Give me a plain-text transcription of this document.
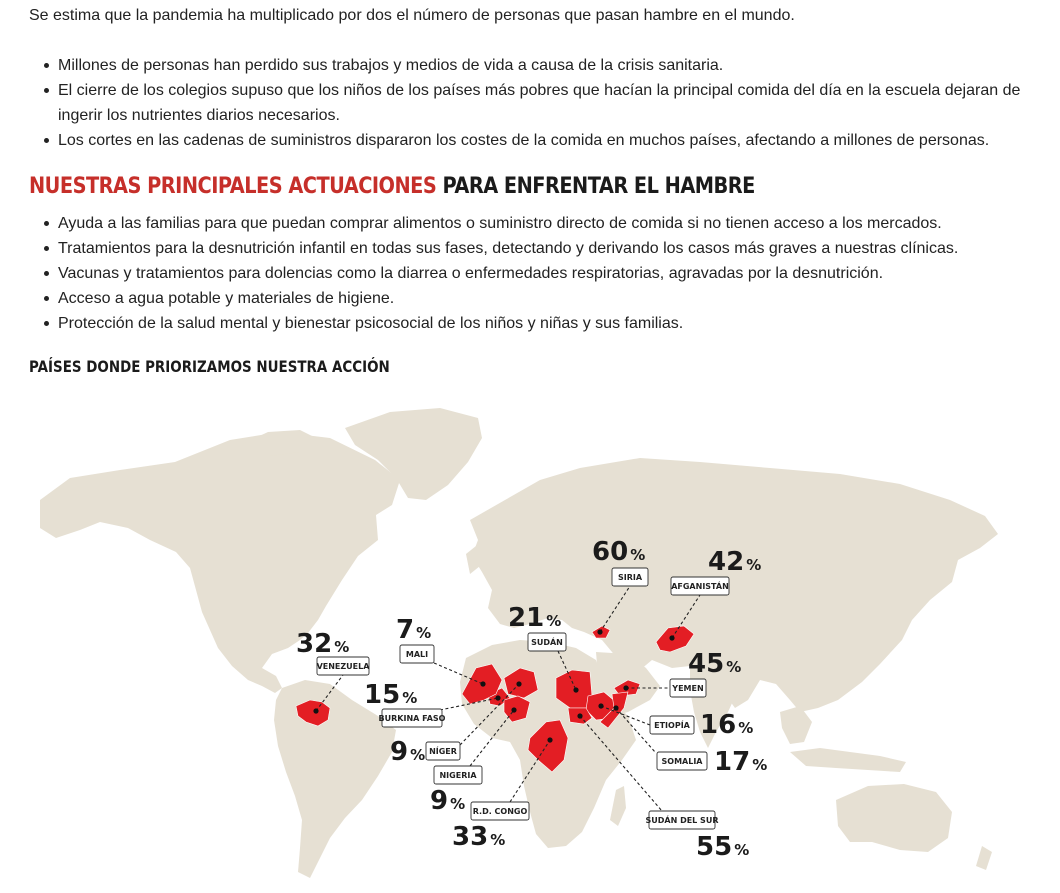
Se estima que la pandemia ha multiplicado por dos el número de personas que pasan hambre en el mundo.

Millones de personas han perdido sus trabajos y medios de vida a causa de la crisis sanitaria.
El cierre de los colegios supuso que los niños de los países más pobres que hacían la principal comida del día en la escuela dejaran de ingerir los nutrientes diarios necesarios.
Los cortes en las cadenas de suministros dispararon los costes de la comida en muchos países, afectando a millones de personas.
NUESTRAS PRINCIPALES ACTUACIONES PARA ENFRENTAR EL HAMBRE
Ayuda a las familias para que puedan comprar alimentos o suministro directo de comida si no tienen acceso a los mercados.
Tratamientos para la desnutrición infantil en todas sus fases, detectando y derivando los casos más graves a nuestras clínicas.
Vacunas y tratamientos para dolencias como la diarrea o enfermedades respiratorias, agravadas por la desnutrición.
Acceso a agua potable y materiales de higiene.
Protección de la salud mental y bienestar psicosocial de los niños y niñas y sus familias.
PAÍSES DONDE PRIORIZAMOS NUESTRA ACCIÓN
VENEZUELA
32 %
BURKINA FASO
15 %
MALI
7 %
NÍGER
9 %
NIGERIA
9 % R.D. CONGO
33 %
SUDÁN
21 %
SIRIA
60 %
AFGANISTÁN
42 %
YEMEN
45 %
ETIOPÍA 16 %
SOMALIA 17 %
SUDÁN DEL SUR
55 %
